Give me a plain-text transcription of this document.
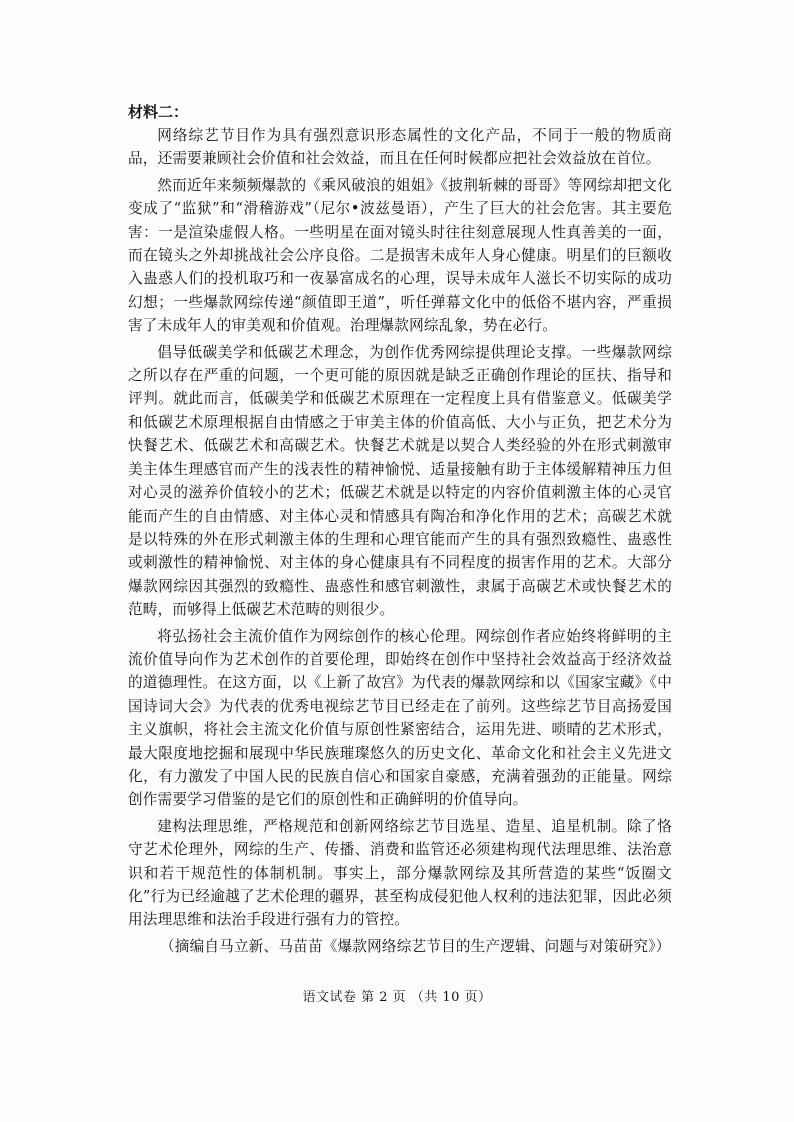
材料二：

网络综艺节目作为具有强烈意识形态属性的文化产品，不同于一般的物质商品，还需要兼顾社会价值和社会效益，而且在任何时候都应把社会效益放在首位。

然而近年来频频爆款的《乘风破浪的姐姐》《披荆斩棘的哥哥》等网综却把文化变成了“监狱”和“滑稽游戏”（尼尔•波兹曼语），产生了巨大的社会危害。其主要危害：一是渲染虚假人格。一些明星在面对镜头时往往刻意展现人性真善美的一面，而在镜头之外却挑战社会公序良俗。二是损害未成年人身心健康。明星们的巨额收入蛊惑人们的投机取巧和一夜暴富成名的心理，误导未成年人滋长不切实际的成功幻想；一些爆款网综传递“颜值即王道”，听任弹幕文化中的低俗不堪内容，严重损害了未成年人的审美观和价值观。治理爆款网综乱象，势在必行。

倡导低碳美学和低碳艺术理念，为创作优秀网综提供理论支撑。一些爆款网综之所以存在严重的问题，一个更可能的原因就是缺乏正确创作理论的匡扶、指导和评判。就此而言，低碳美学和低碳艺术原理在一定程度上具有借鉴意义。低碳美学和低碳艺术原理根据自由情感之于审美主体的价值高低、大小与正负，把艺术分为快餐艺术、低碳艺术和高碳艺术。快餐艺术就是以契合人类经验的外在形式刺激审美主体生理感官而产生的浅表性的精神愉悦、适量接触有助于主体缓解精神压力但对心灵的滋养价值较小的艺术；低碳艺术就是以特定的内容价值刺激主体的心灵官能而产生的自由情感、对主体心灵和情感具有陶冶和净化作用的艺术；高碳艺术就是以特殊的外在形式刺激主体的生理和心理官能而产生的具有强烈致瘾性、蛊惑性或刺激性的精神愉悦、对主体的身心健康具有不同程度的损害作用的艺术。大部分爆款网综因其强烈的致瘾性、蛊惑性和感官刺激性，隶属于高碳艺术或快餐艺术的范畴，而够得上低碳艺术范畴的则很少。

将弘扬社会主流价值作为网综创作的核心伦理。网综创作者应始终将鲜明的主流价值导向作为艺术创作的首要伦理，即始终在创作中坚持社会效益高于经济效益的道德理性。在这方面，以《上新了故宫》为代表的爆款网综和以《国家宝藏》《中国诗词大会》为代表的优秀电视综艺节目已经走在了前列。这些综艺节目高扬爱国主义旗帜，将社会主流文化价值与原创性紧密结合，运用先进、唢晴的艺术形式，最大限度地挖掘和展现中华民族璀璨悠久的历史文化、革命文化和社会主义先进文化，有力激发了中国人民的民族自信心和国家自豪感，充满着强劲的正能量。网综创作需要学习借鉴的是它们的原创性和正确鲜明的价值导向。

建构法理思维，严格规范和创新网络综艺节目选星、造星、追星机制。除了恪守艺术伦理外，网综的生产、传播、消费和监管还必须建构现代法理思维、法治意识和若干规范性的体制机制。事实上，部分爆款网综及其所营造的某些“饭圈文化”行为已经逾越了艺术伦理的疆界，甚至构成侵犯他人权利的违法犯罪，因此必须用法理思维和法治手段进行强有力的管控。

（摘编自马立新、马苗苗《爆款网络综艺节目的生产逻辑、问题与对策研究》）

语文试卷 第 2 页 （共 10 页）
